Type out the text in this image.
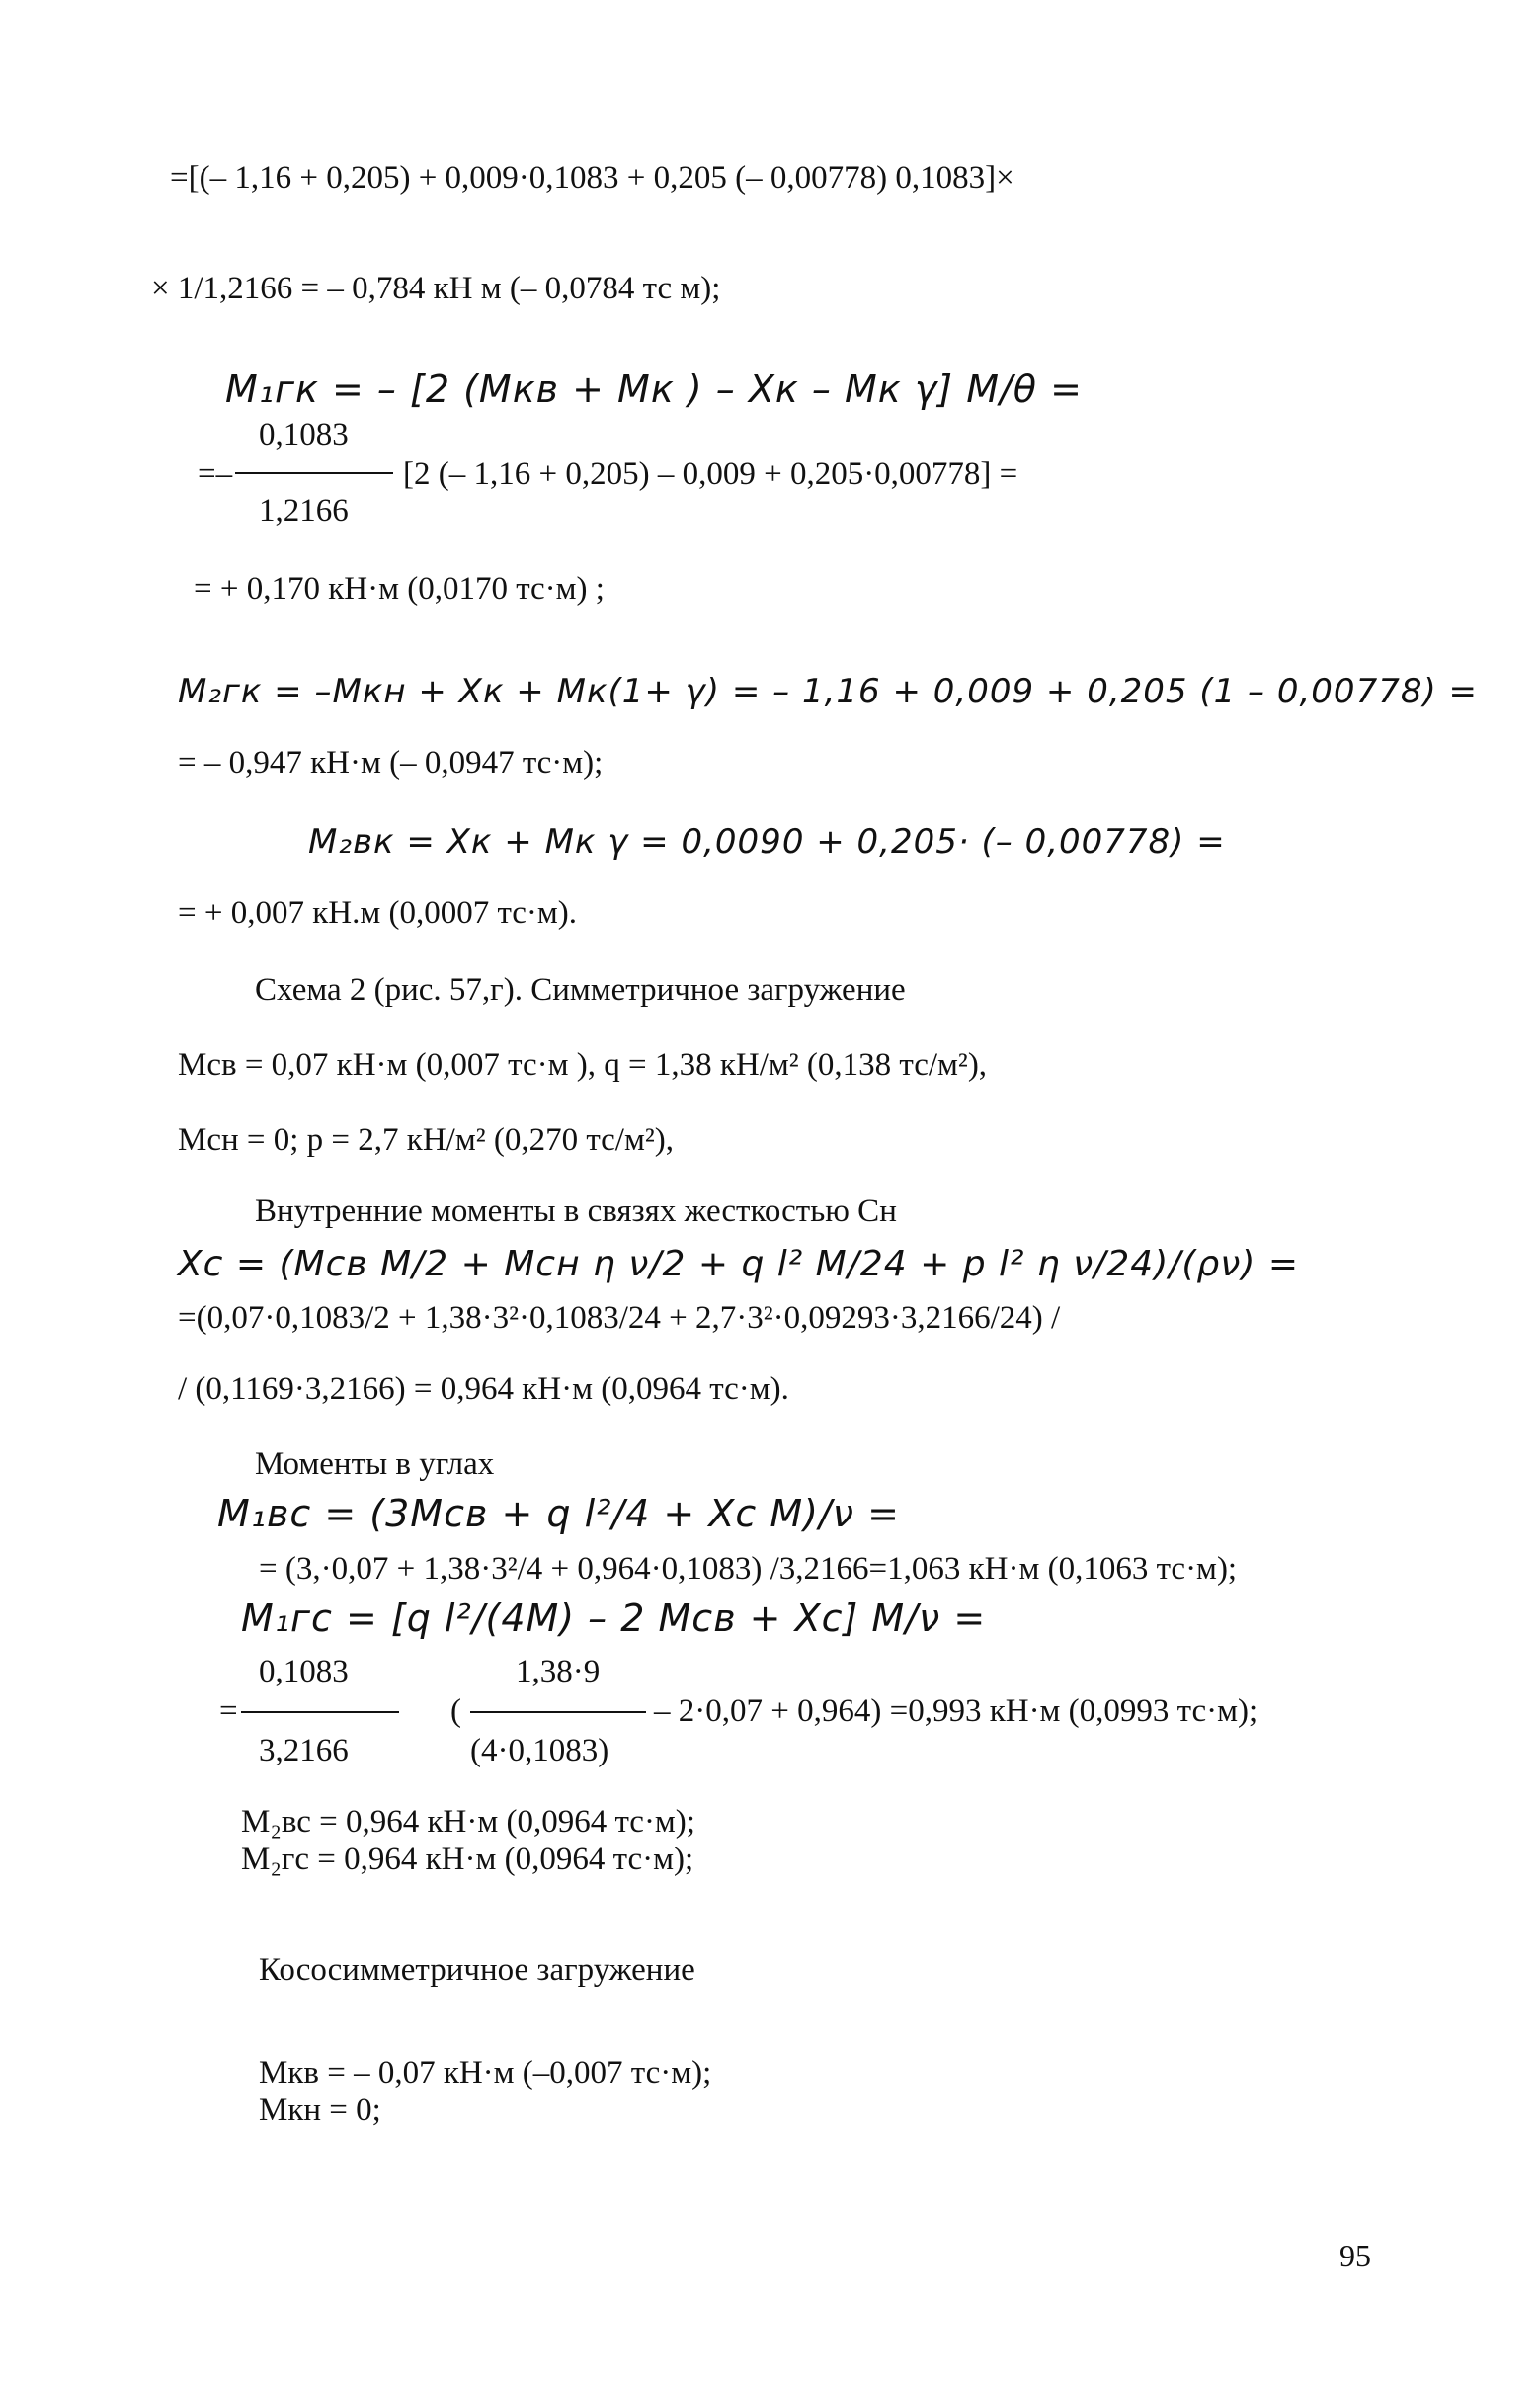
=[(– 1,16 + 0,205) + 0,009·0,1083 + 0,205 (– 0,00778) 0,1083]×
× 1/1,2166 = – 0,784 кН м (– 0,0784 тс м);
М₁гк = – [2 (Мкв + Мк ) – Хк – Мк γ] М/θ =
0,1083
=–	[2 (– 1,16 + 0,205) – 0,009 + 0,205·0,00778] =
1,2166
= + 0,170 кН·м (0,0170 тс·м) ;
М₂гк = –Мкн + Хк + Мк(1+ γ) = – 1,16 + 0,009 + 0,205 (1 – 0,00778) =
= – 0,947 кН·м (– 0,0947 тс·м);
М₂вк = Хк + Мк γ = 0,0090 + 0,205· (– 0,00778) =
= + 0,007 кН.м (0,0007 тс·м).
Схема 2 (рис. 57,г). Симметричное загружение
Мсв = 0,07 кН·м (0,007 тс·м ), q = 1,38 кН/м² (0,138 тс/м²),
Мсн = 0; p = 2,7 кН/м² (0,270 тс/м²),
Внутренние моменты в связях жесткостью Сн
Хс = (Мсв М/2 + Мсн η ν/2 + q l² М/24 + p l² η ν/24)/(ρν) =
=(0,07·0,1083/2 + 1,38·3²·0,1083/24 + 2,7·3²·0,09293·3,2166/24) /
/ (0,1169·3,2166) = 0,964 кН·м (0,0964 тс·м).
Моменты в углах
М₁вс = (3Мсв + q l²/4 + Хс М)/ν =
= (3,·0,07 + 1,38·3²/4 + 0,964·0,1083) /3,2166=1,063 кН·м (0,1063 тс·м);
М₁гс = [q l²/(4М) – 2 Мсв + Хс] М/ν =
0,1083	1,38·9
=	(	– 2·0,07 + 0,964) =0,993 кН·м (0,0993 тс·м);
3,2166	(4·0,1083)
М₂вс = 0,964 кН·м (0,0964 тс·м);
М₂гс = 0,964 кН·м (0,0964 тс·м);
Кососимметричное загружение
Мкв = – 0,07 кН·м (–0,007 тс·м);
Мкн = 0;
95
